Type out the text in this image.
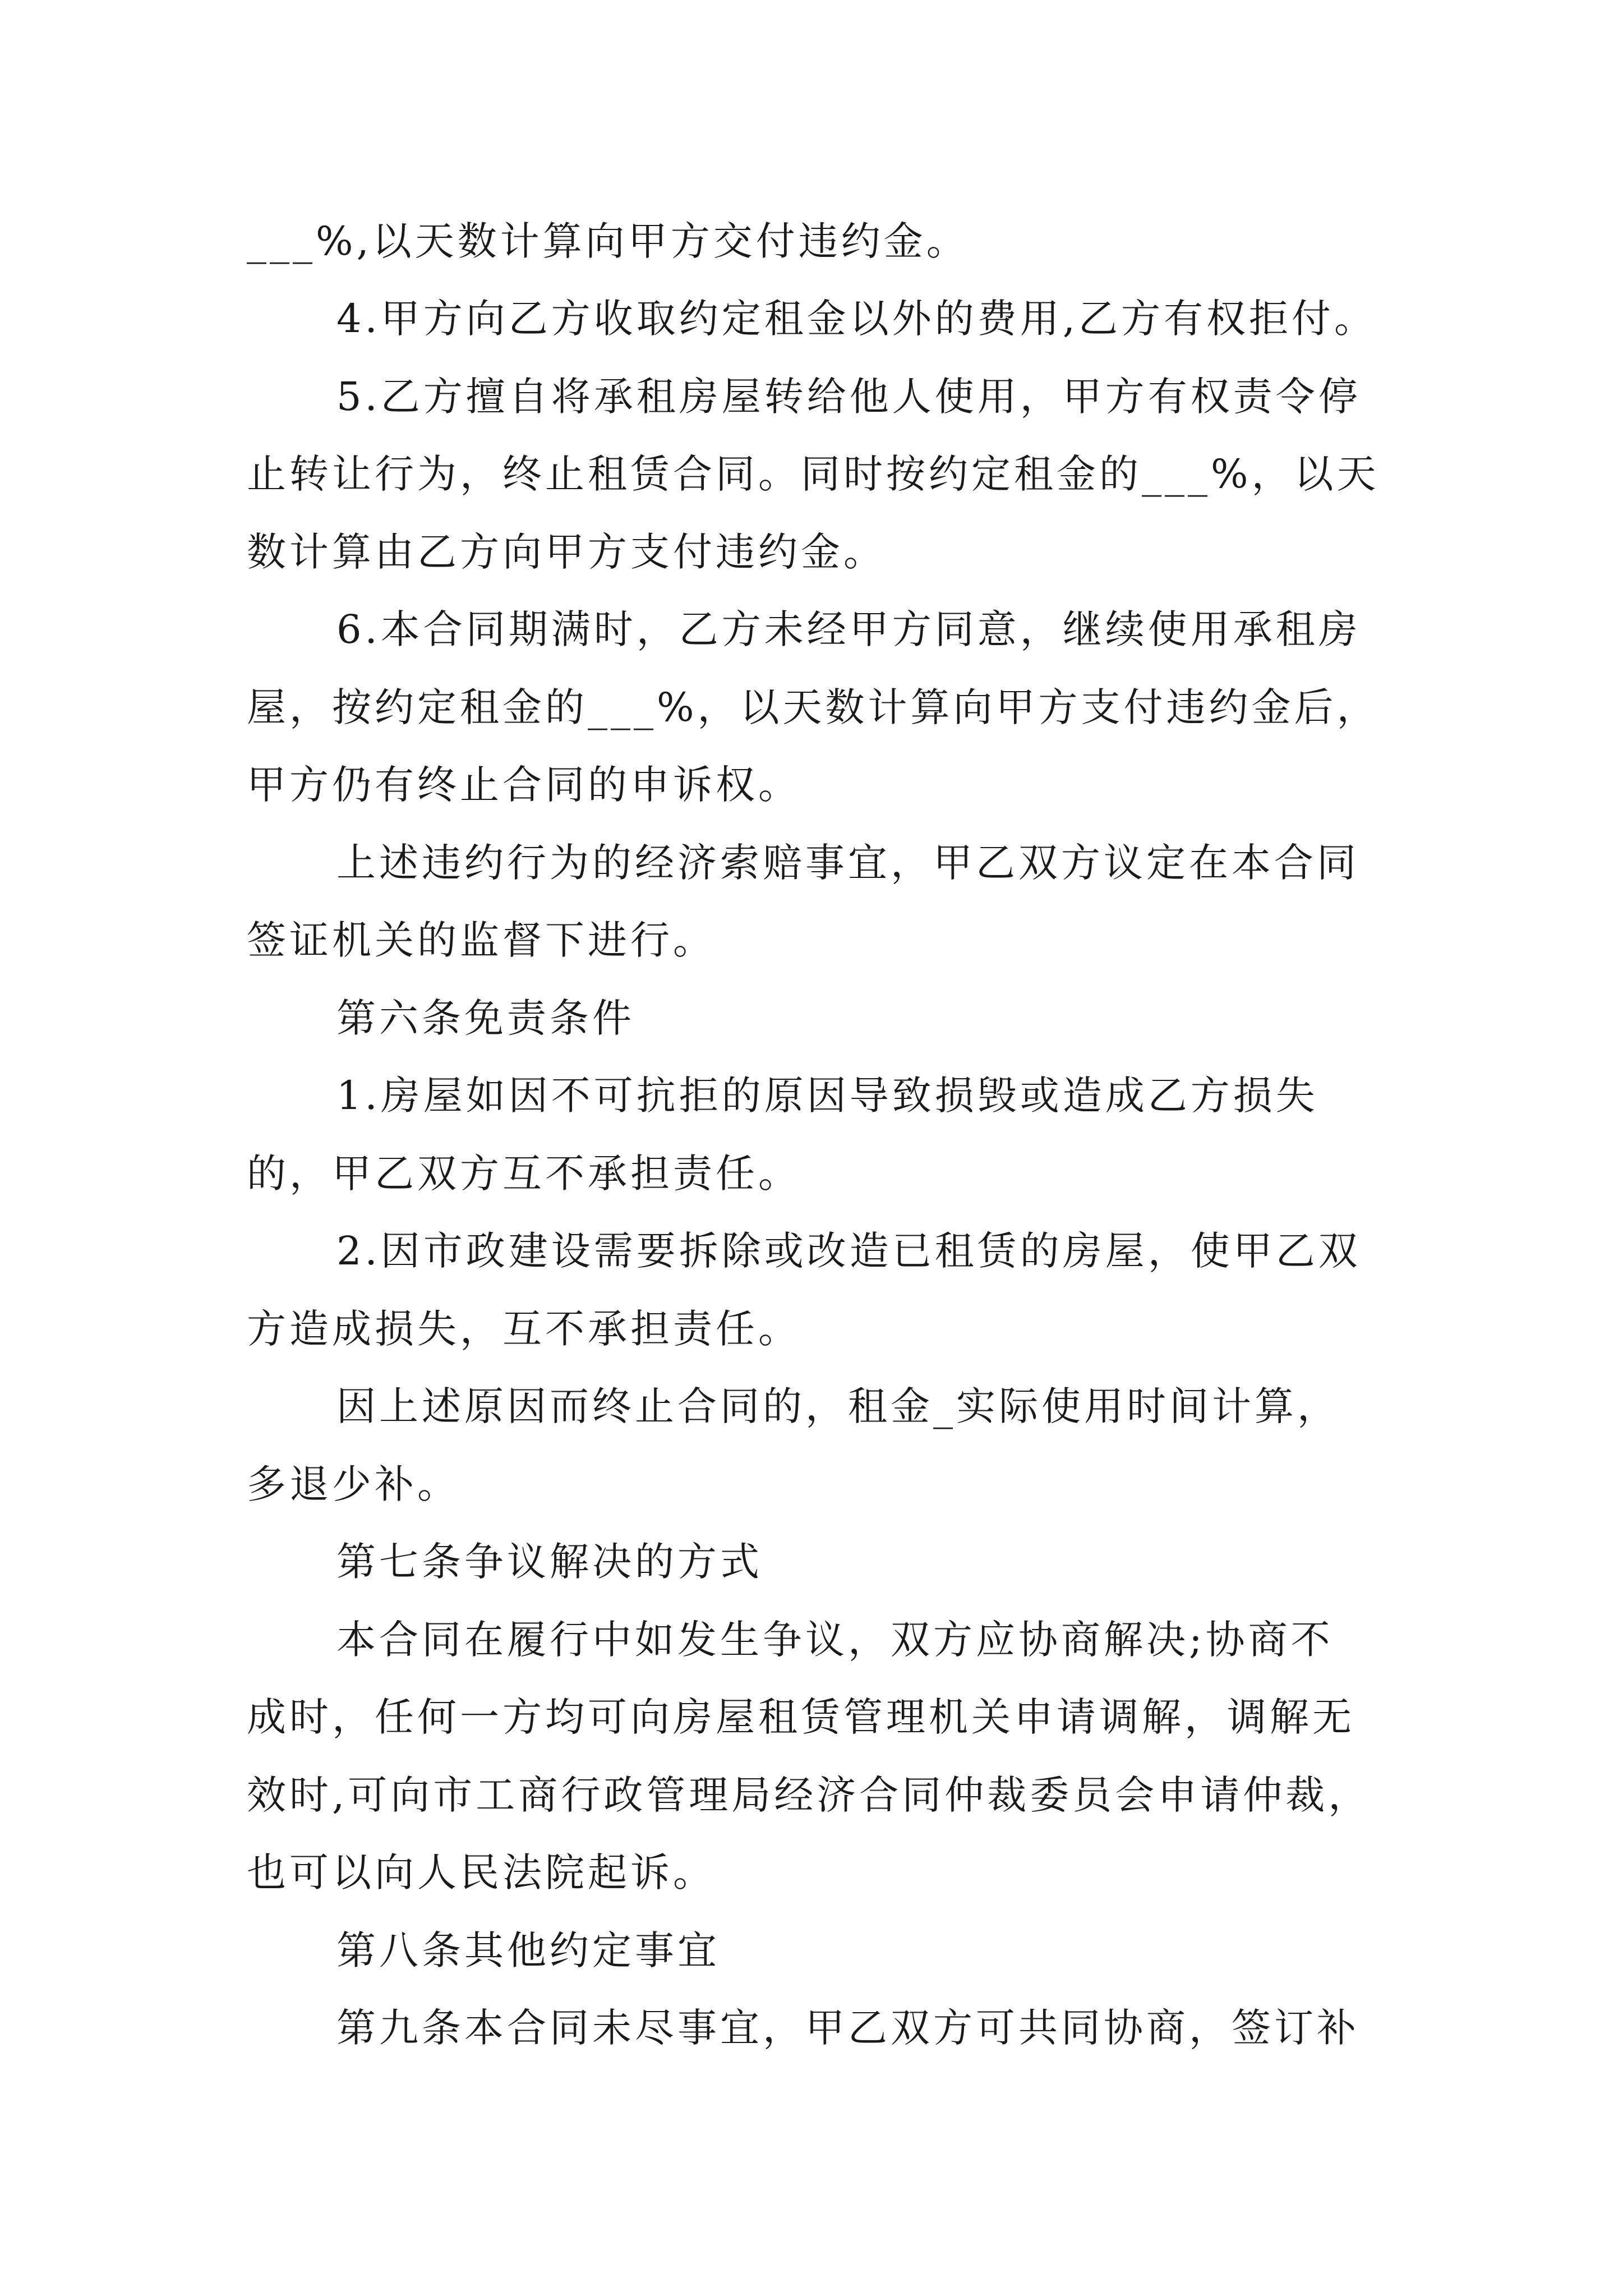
___%,以天数计算向甲方交付违约金。
4.甲方向乙方收取约定租金以外的费用,乙方有权拒付。
5.乙方擅自将承租房屋转给他人使用，甲方有权责令停
止转让行为，终止租赁合同。同时按约定租金的___%，以天
数计算由乙方向甲方支付违约金。
6.本合同期满时，乙方未经甲方同意，继续使用承租房
屋，按约定租金的___%，以天数计算向甲方支付违约金后，
甲方仍有终止合同的申诉权。
上述违约行为的经济索赔事宜，甲乙双方议定在本合同
签证机关的监督下进行。
第六条免责条件
1.房屋如因不可抗拒的原因导致损毁或造成乙方损失
的，甲乙双方互不承担责任。
2.因市政建设需要拆除或改造已租赁的房屋，使甲乙双
方造成损失，互不承担责任。
因上述原因而终止合同的，租金_实际使用时间计算，
多退少补。
第七条争议解决的方式
本合同在履行中如发生争议，双方应协商解决;协商不
成时，任何一方均可向房屋租赁管理机关申请调解，调解无
效时,可向市工商行政管理局经济合同仲裁委员会申请仲裁，
也可以向人民法院起诉。
第八条其他约定事宜
第九条本合同未尽事宜，甲乙双方可共同协商，签订补
